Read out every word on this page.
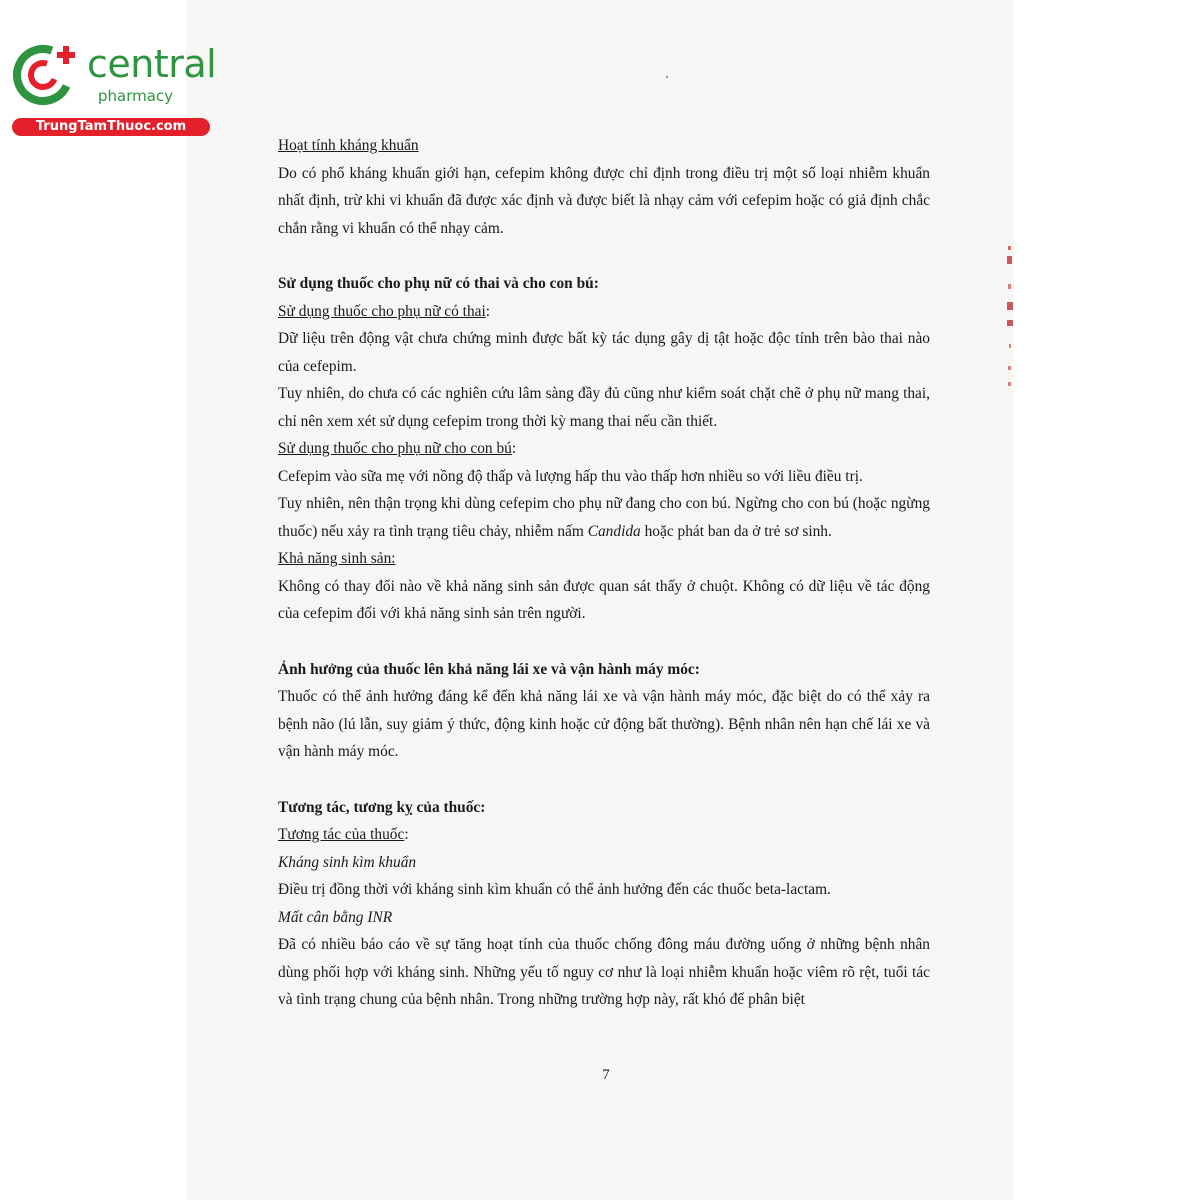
central
pharmacy
TrungTamThuoc.com

Hoạt tính kháng khuẩn

Do có phổ kháng khuẩn giới hạn, cefepim không được chỉ định trong điều trị một số loại nhiễm khuẩn nhất định, trừ khi vi khuẩn đã được xác định và được biết là nhạy cảm với cefepim hoặc có giả định chắc chắn rằng vi khuẩn có thể nhạy cảm.

Sử dụng thuốc cho phụ nữ có thai và cho con bú:

Sử dụng thuốc cho phụ nữ có thai:

Dữ liệu trên động vật chưa chứng minh được bất kỳ tác dụng gây dị tật hoặc độc tính trên bào thai nào của cefepim.

Tuy nhiên, do chưa có các nghiên cứu lâm sàng đầy đủ cũng như kiểm soát chặt chẽ ở phụ nữ mang thai, chỉ nên xem xét sử dụng cefepim trong thời kỳ mang thai nếu cần thiết.

Sử dụng thuốc cho phụ nữ cho con bú:

Cefepim vào sữa mẹ với nồng độ thấp và lượng hấp thu vào thấp hơn nhiều so với liều điều trị.

Tuy nhiên, nên thận trọng khi dùng cefepim cho phụ nữ đang cho con bú. Ngừng cho con bú (hoặc ngừng thuốc) nếu xảy ra tình trạng tiêu chảy, nhiễm nấm Candida hoặc phát ban da ở trẻ sơ sinh.

Khả năng sinh sản:

Không có thay đổi nào về khả năng sinh sản được quan sát thấy ở chuột. Không có dữ liệu về tác động của cefepim đối với khả năng sinh sản trên người.

Ảnh hưởng của thuốc lên khả năng lái xe và vận hành máy móc:

Thuốc có thể ảnh hưởng đáng kể đến khả năng lái xe và vận hành máy móc, đặc biệt do có thể xảy ra bệnh não (lú lẫn, suy giảm ý thức, động kinh hoặc cử động bất thường). Bệnh nhân nên hạn chế lái xe và vận hành máy móc.

Tương tác, tương kỵ của thuốc:

Tương tác của thuốc:

Kháng sinh kìm khuẩn

Điều trị đồng thời với kháng sinh kìm khuẩn có thể ảnh hưởng đến các thuốc beta-lactam.

Mất cân bằng INR

Đã có nhiều báo cáo về sự tăng hoạt tính của thuốc chống đông máu đường uống ở những bệnh nhân dùng phối hợp với kháng sinh. Những yếu tố nguy cơ như là loại nhiễm khuẩn hoặc viêm rõ rệt, tuổi tác và tình trạng chung của bệnh nhân. Trong những trường hợp này, rất khó để phân biệt

7
